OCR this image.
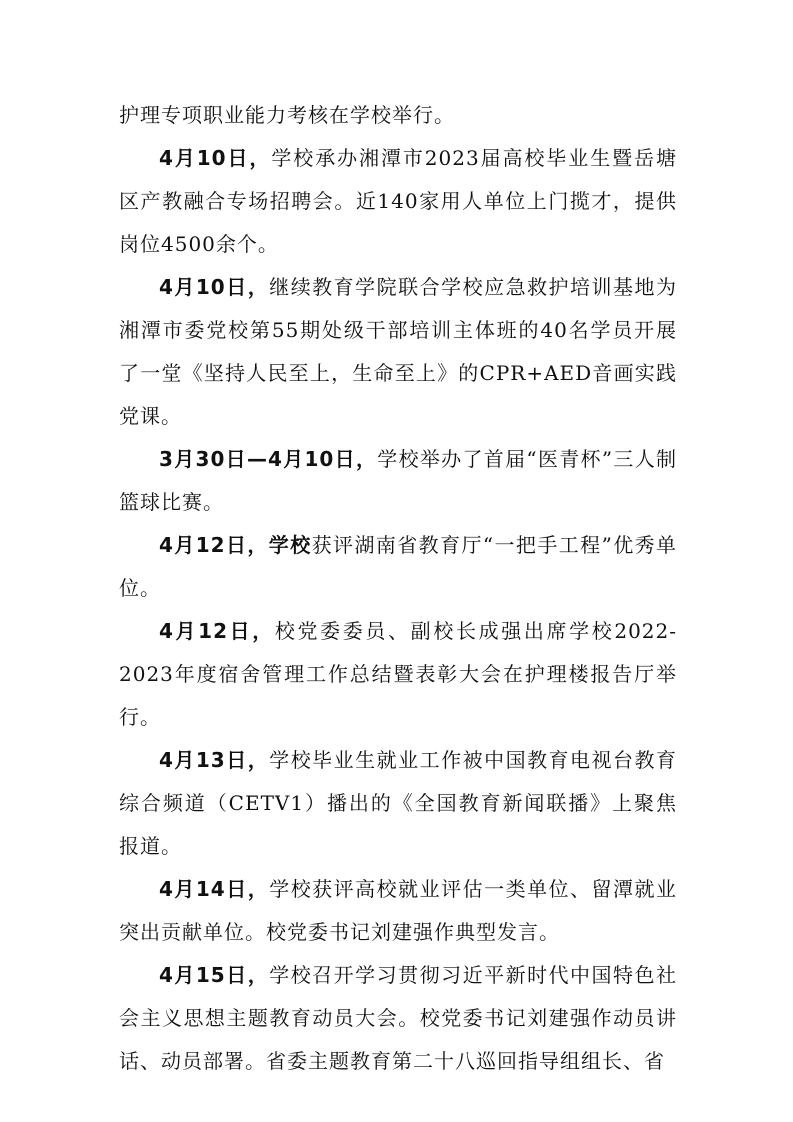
护理专项职业能力考核在学校举行。

4月10日，学校承办湘潭市2023届高校毕业生暨岳塘区产教融合专场招聘会。近140家用人单位上门揽才，提供岗位4500余个。

4月10日，继续教育学院联合学校应急救护培训基地为湘潭市委党校第55期处级干部培训主体班的40名学员开展了一堂《坚持人民至上，生命至上》的CPR+AED音画实践党课。

3月30日—4月10日，学校举办了首届“医青杯”三人制篮球比赛。

4月12日，学校获评湖南省教育厅“一把手工程”优秀单位。

4月12日，校党委委员、副校长成强出席学校2022-2023年度宿舍管理工作总结暨表彰大会在护理楼报告厅举行。

4月13日，学校毕业生就业工作被中国教育电视台教育综合频道（CETV1）播出的《全国教育新闻联播》上聚焦报道。

4月14日，学校获评高校就业评估一类单位、留潭就业突出贡献单位。校党委书记刘建强作典型发言。

4月15日，学校召开学习贯彻习近平新时代中国特色社会主义思想主题教育动员大会。校党委书记刘建强作动员讲话、动员部署。省委主题教育第二十八巡回指导组组长、省
